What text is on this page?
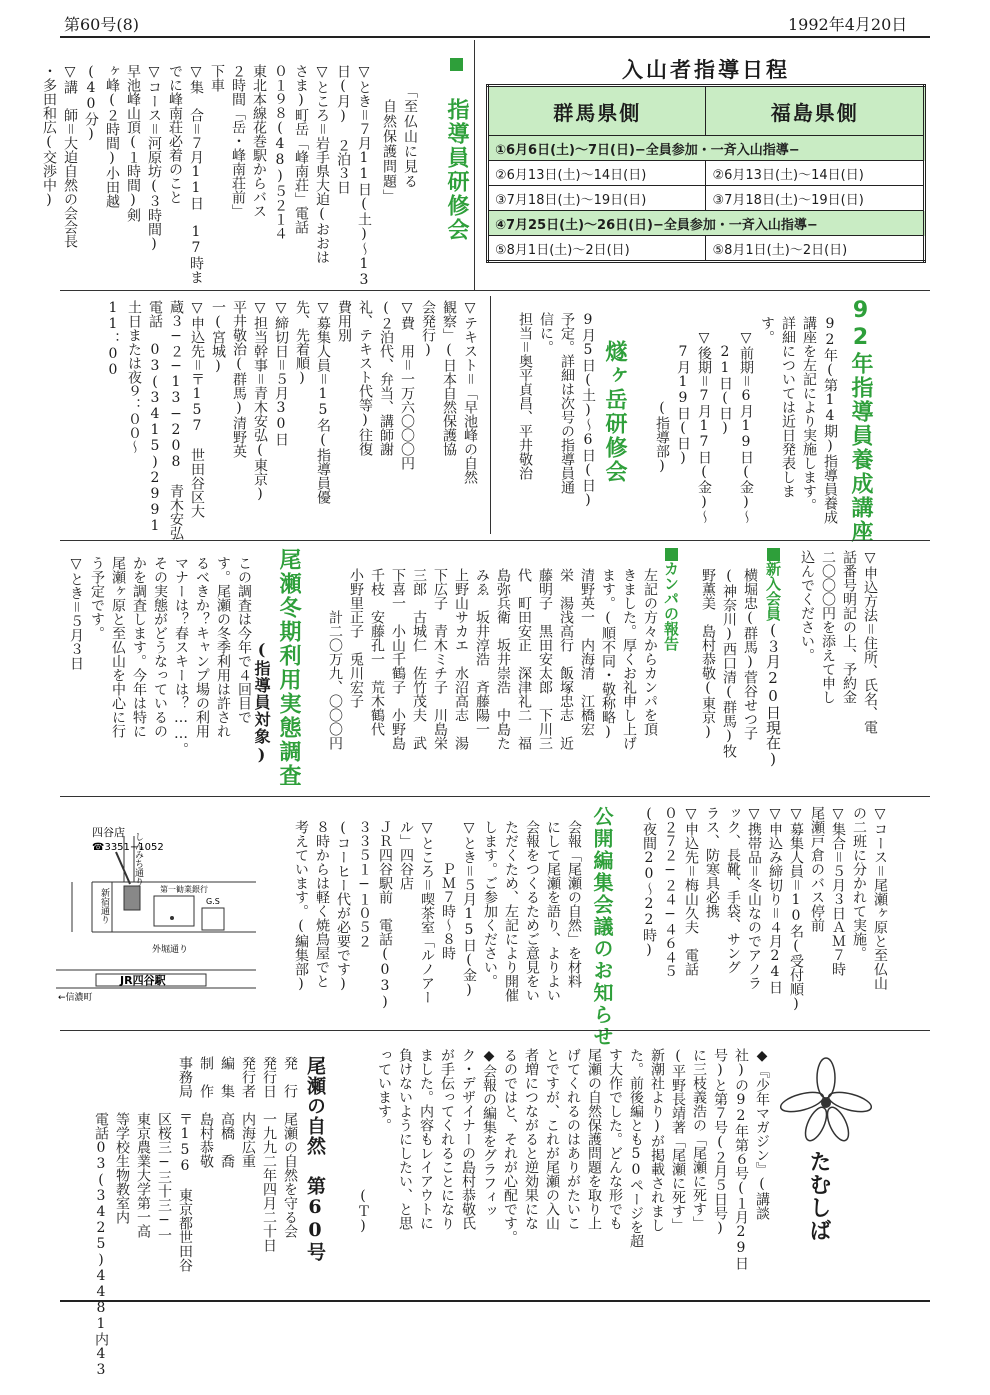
第60号(8)	1992年4月20日
指導員研修会
「至仏山に見る
　自然保護問題」
▽とき＝７月11日(土)〜13
日(月)　２泊３日
▽ところ＝岩手県大迫(おおは
さま)町岳「峰南荘」電話
０１９８(48)５２１４
東北本線花巻駅からバス
２時間「岳・峰南荘前」
下車
▽集　合＝７月11日　17時ま
でに峰南荘必着のこと
▽コース＝河原坊(３時間)
早池峰山頂(１時間)剣
ヶ峰(２時間)小田越
(40分)
▽講　師＝大迫自然の会会長
・多田和広(交渉中)	入山者指導日程
群馬県側	福島県側
①6月6日(土)〜7日(日)−全員参加・一斉入山指導−	
②6月13日(土)〜14日(日)	②6月13日(土)〜14日(日)
③7月18日(土)〜19日(日)	③7月18日(土)〜19日(日)
④7月25日(土)〜26日(日)−全員参加・一斉入山指導−	
⑤8月1日(土)〜2日(日)	⑤8月1日(土)〜2日(日)
92年指導員養成講座
92年(第14期)指導員養成
講座を左記により実施します。
詳細については近日発表しま
す。
　▽前期＝6月19日(金)〜
　　21日(日)
　▽後期＝7月17日(金)〜
　　7月19日(日)
　　　　　　(指導部)
燧ヶ岳研修会
9月5日(土)〜6日(日)
予定。詳細は次号の指導員通
信に。
担当＝奥平貞昌、平井敬治
▽テキスト＝「早池峰の自然
観察」(日本自然保護協
会発行)
▽費　用＝一万六〇〇〇円
(２泊代、弁当、講師謝
礼、テキスト代等)往復
費用別
▽募集人員＝15名(指導員優
先、先着順)
▽締切日＝５月30日
▽担当幹事＝青木安弘(東京)
平井敬治(群馬)清野英
一(宮城)
▽申込先＝〒157　世田谷区大
蔵３−２−13−208　青木安弘
電話　03(3415)2991
土日または夜９：００〜
11：00
▽申込方法＝住所、氏名、電
話番号明記の上、予約金
二〇〇〇円を添えて申し
込んでください。
新入会員(３月20日現在)
横堀忠(群馬)菅谷せつ子
(神奈川)西口清(群馬)牧
野薫美　島村恭敬(東京)
カンパの報告
左記の方々からカンパを頂
きました。厚くお礼申し上げ
ます。(順不同・敬称略)
清野英一　内海清　江橋宏
栄　湯浅高行　飯塚忠志　近
藤明子　黒田安太郎　下川三
代　町田安正　深津礼二　福
島弥兵衛　坂井崇浩　中島た
みゑ　坂井淳浩　斉藤陽一
上野山サカエ　水沼高志　湯
下広子　青木ミチ子　川島栄
三郎　古城仁　佐竹茂夫　武
下喜一　小山千鶴子　小野島
千枝　安藤孔一　荒木鶴代
小野里正子　兎川宏子
　　　計二〇万九、〇〇〇円
尾瀬冬期利用実態調査
(指導員対象)
この調査は今年で４回目で
す。尾瀬の冬季利用は許され
るべきか？キャンプ場の利用
マナーは？春スキーは？……。
その実態がどうなっているの
かを調査します。今年は特に
尾瀬ヶ原と至仏山を中心に行
う予定です。
▽とき＝５月３日
▽コース＝尾瀬ヶ原と至仏山
の二班に分かれて実施。
▽集合＝５月３日ＡＭ７時
尾瀬戸倉のバス停前
▽募集人員＝10名(受付順)
▽申込み締切り＝４月24日
▽携帯品＝冬山なのでアノラ
ック、長靴、手袋、サング
ラス、防寒具必携
▽申込先＝梅山久夫　電話
０２７２−２４−４６４５
(夜間20〜22時)
公開編集会議のお知らせ
会報「尾瀬の自然」を材料
にして尾瀬を語り、よりよい
会報をつくるためご意見をい
ただくため、左記により開催
します。ご参加ください。
▽とき＝５月15日(金)
　　　ＰＭ７時〜８時
▽ところ＝喫茶室「ルノアー
ル」四谷店
ＪＲ四谷駅前　電話(03)
３３５１−１０５２
(コーヒー代が必要です)
８時からは軽く焼鳥屋でと
考えています。(編集部)
四谷店
☎3351−1052
しんみち通り
新宿通り	第一勧業銀行
G.S
外堀通り
JR四谷駅
←信濃町
たむしば
◆『少年マガジン』(講談
社)の92年第６号(１月29日
号)と第７号(２月５日号)
に三枝義浩の「尾瀬に死す」
(平野長靖著「尾瀬に死す」
新潮社より)が掲載されまし
た。前後編とも50ページを超
す大作でした。どんな形でも
尾瀬の自然保護問題を取り上
げてくれるのはありがたいこ
とですが、これが尾瀬の入山
者増につながると逆効果にな
るのではと、それが心配です。
◆会報の編集をグラフィッ
ク・デザイナーの島村恭敬氏
が手伝ってくれることになり
ました。内容もレイアウトに
負けないようにしたい、と思
っています。
　　　　　　　　　　(Ｔ)
尾瀬の自然　第60号
発　行　尾瀬の自然を守る会
発行日　一九九二年四月二十日
発行者　内海広重
編　集　高橋　喬
制　作　島村恭敬
事務局　〒156　東京都世田谷
　　　　区桜三−三十三−一
　　　　東京農業大学第一高
　　　　等学校生物教室内
　　　　電話03(3425)4481内43
